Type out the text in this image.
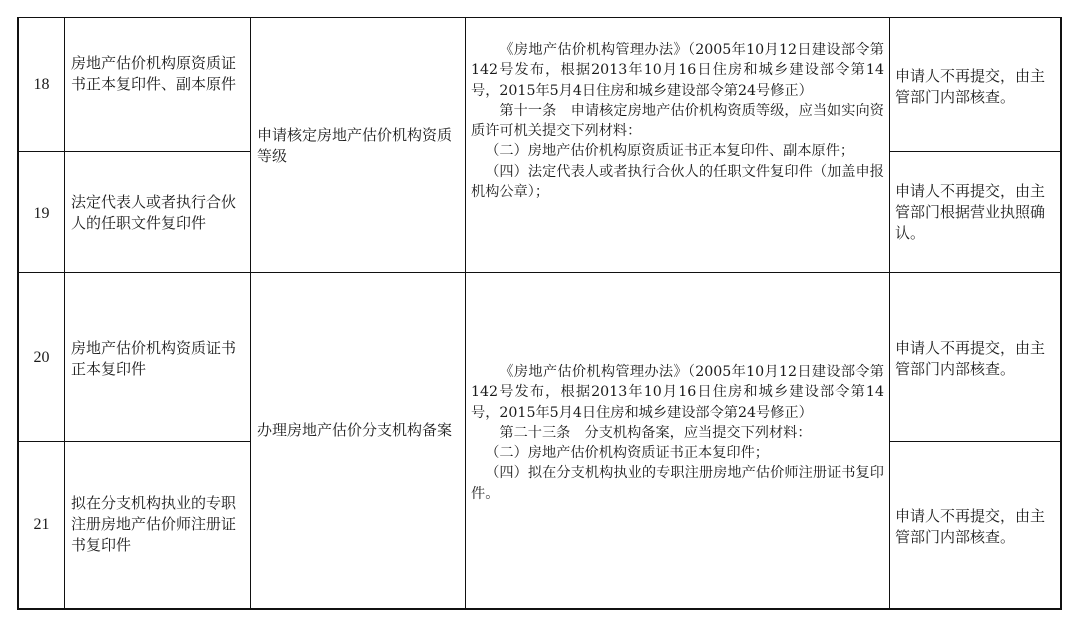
18
房地产估价机构原资质证书正本复印件、副本原件	申请人不再提交，由主管部门内部核查。
19
法定代表人或者执行合伙人的任职文件复印件
申请人不再提交，由主管部门根据营业执照确认。
20
房地产估价机构资质证书正本复印件
申请人不再提交，由主管部门内部核查。
21
拟在分支机构执业的专职注册房地产估价师注册证书复印件
申请人不再提交，由主管部门内部核查。
申请核定房地产估价机构资质等级

《房地产估价机构管理办法》（2005年10月12日建设部令第142号发布，根据2013年10月16日住房和城乡建设部令第14号，2015年5月4日住房和城乡建设部令第24号修正）

第十一条　申请核定房地产估价机构资质等级，应当如实向资质许可机关提交下列材料：

（二）房地产估价机构原资质证书正本复印件、副本原件；

（四）法定代表人或者执行合伙人的任职文件复印件（加盖申报机构公章）；

办理房地产估价分支机构备案

《房地产估价机构管理办法》（2005年10月12日建设部令第142号发布，根据2013年10月16日住房和城乡建设部令第14号，2015年5月4日住房和城乡建设部令第24号修正）

第二十三条　分支机构备案，应当提交下列材料：

（二）房地产估价机构资质证书正本复印件；

（四）拟在分支机构执业的专职注册房地产估价师注册证书复印件。
